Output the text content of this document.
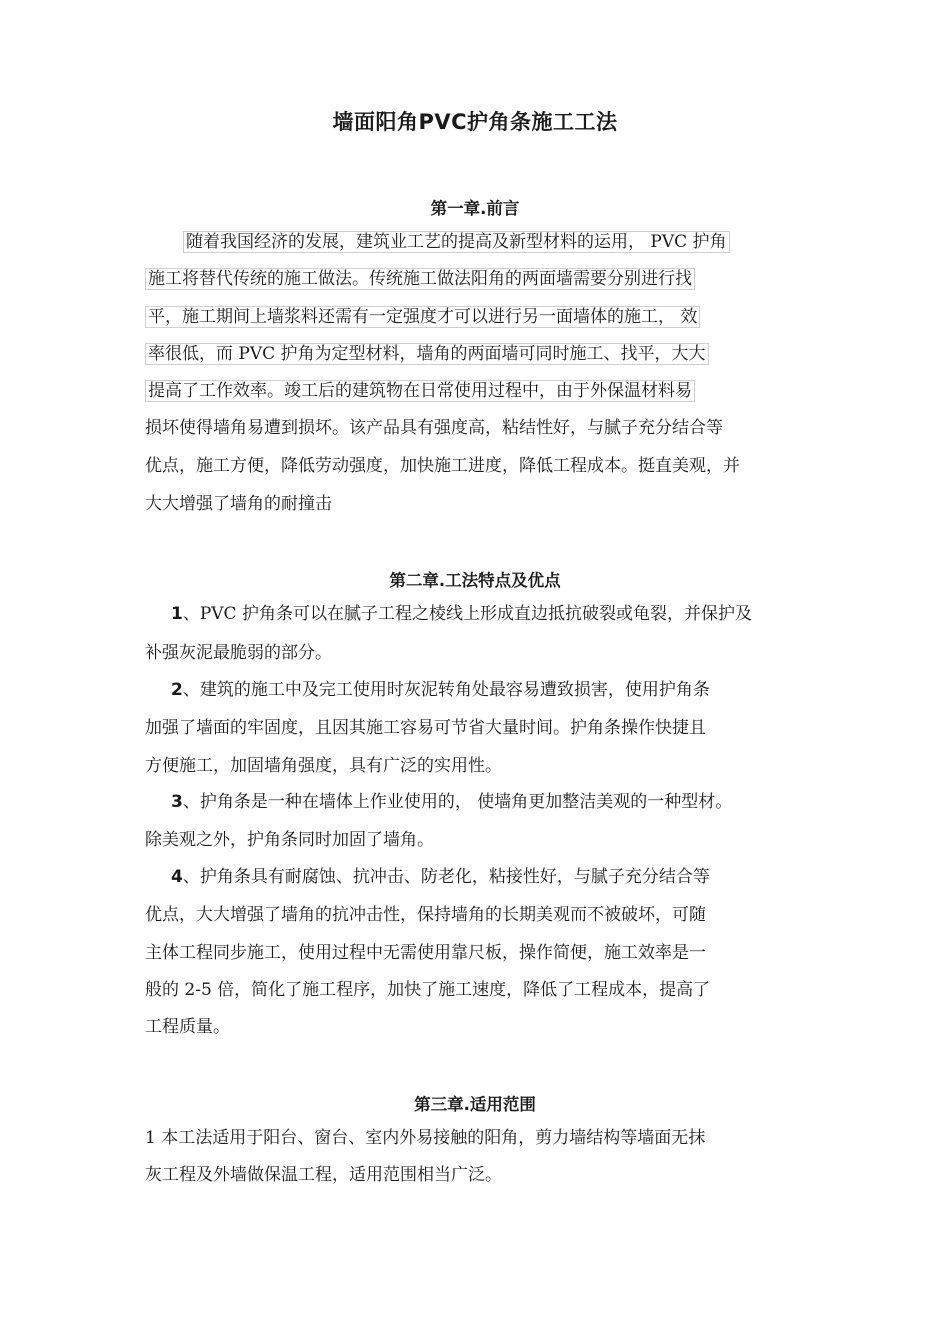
墙面阳角PVC护角条施工工法
第一章.前言
随着我国经济的发展，建筑业工艺的提高及新型材料的运用， PVC 护角
施工将替代传统的施工做法。传统施工做法阳角的两面墙需要分别进行找
平，施工期间上墙浆料还需有一定强度才可以进行另一面墙体的施工， 效
率很低，而 PVC 护角为定型材料，墙角的两面墙可同时施工、找平，大大
提高了工作效率。竣工后的建筑物在日常使用过程中，由于外保温材料易
损坏使得墙角易遭到损坏。该产品具有强度高，粘结性好，与腻子充分结合等
优点，施工方便，降低劳动强度，加快施工进度，降低工程成本。挺直美观，并
大大增强了墙角的耐撞击
第二章.工法特点及优点
1、PVC 护角条可以在腻子工程之棱线上形成直边抵抗破裂或龟裂，并保护及
补强灰泥最脆弱的部分。
2、建筑的施工中及完工使用时灰泥转角处最容易遭致损害，使用护角条
加强了墙面的牢固度，且因其施工容易可节省大量时间。护角条操作快捷且
方便施工，加固墙角强度，具有广泛的实用性。
3、护角条是一种在墙体上作业使用的， 使墙角更加整洁美观的一种型材。
除美观之外，护角条同时加固了墙角。
4、护角条具有耐腐蚀、抗冲击、防老化，粘接性好，与腻子充分结合等
优点，大大增强了墙角的抗冲击性，保持墙角的长期美观而不被破坏，可随
主体工程同步施工，使用过程中无需使用靠尺板，操作简便，施工效率是一
般的 2-5 倍，简化了施工程序，加快了施工速度，降低了工程成本，提高了
工程质量。
第三章.适用范围
1 本工法适用于阳台、窗台、室内外易接触的阳角，剪力墙结构等墙面无抹
灰工程及外墙做保温工程，适用范围相当广泛。
